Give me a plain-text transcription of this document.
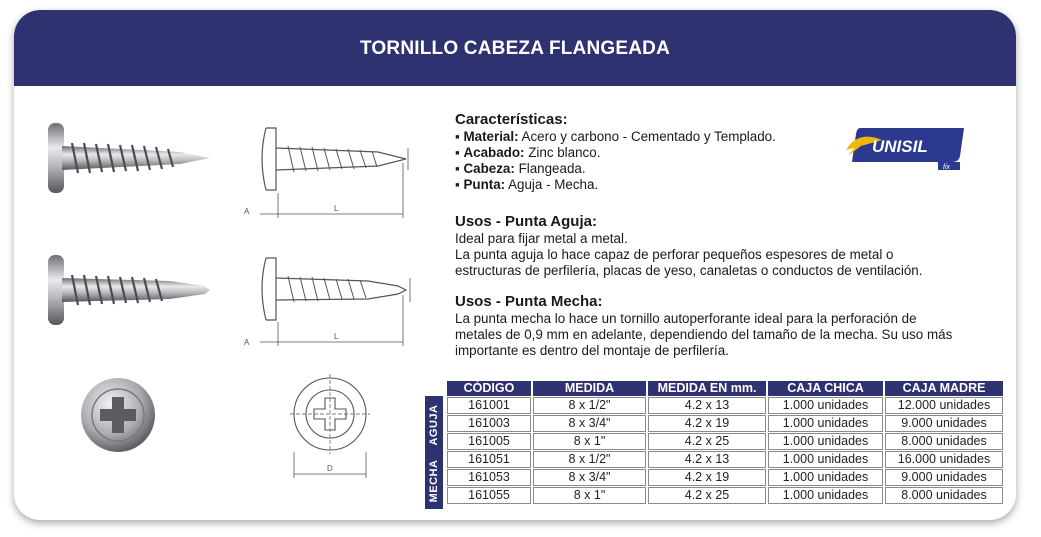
TORNILLO CABEZA FLANGEADA
L
A
L
A
D
Características:
▪ Material: Acero y carbono - Cementado y Templado.
▪ Acabado: Zinc blanco.
▪ Cabeza: Flangeada.
▪ Punta: Aguja - Mecha.
Usos - Punta Aguja:
Ideal para fijar metal a metal.
La punta aguja lo hace capaz de perforar pequeños espesores de metal o
estructuras de perfilería, placas de yeso, canaletas o conductos de ventilación.
Usos - Punta Mecha:
La punta mecha lo hace un tornillo autoperforante ideal para la perforación de
metales de 0,9 mm en adelante, dependiendo del tamaño de la mecha. Su uso más
importante es dentro del montaje de perfilería.
UNISIL
fix
AGUJA
MECHA
CÓDIGO	MEDIDA	MEDIDA EN mm.	CAJA CHICA	CAJA MADRE
161001	8 x 1/2"	4.2 x 13	1.000 unidades	12.000 unidades
161003	8 x 3/4"	4.2 x 19	1.000 unidades	9.000 unidades
161005	8 x 1"	4.2 x 25	1.000 unidades	8.000 unidades
161051	8 x 1/2"	4.2 x 13	1.000 unidades	16.000 unidades
161053	8 x 3/4"	4.2 x 19	1.000 unidades	9.000 unidades
161055	8 x 1"	4.2 x 25	1.000 unidades	8.000 unidades
